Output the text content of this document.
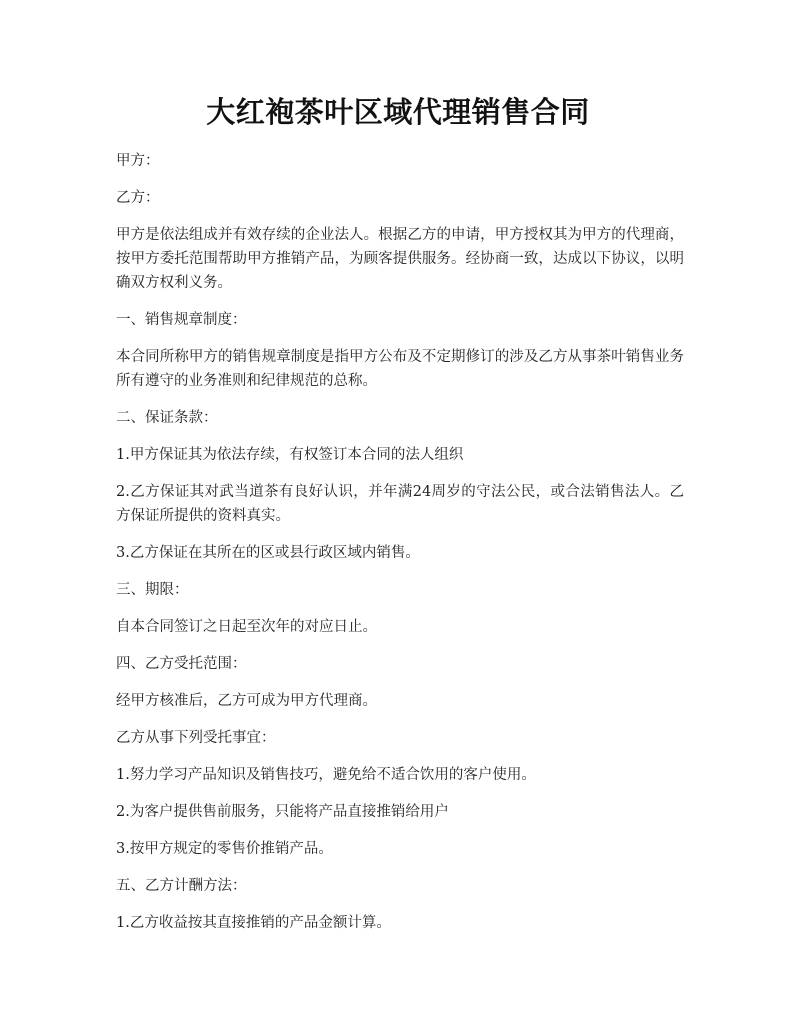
大红袍茶叶区域代理销售合同

甲方：

乙方：

甲方是依法组成并有效存续的企业法人。根据乙方的申请，甲方授权其为甲方的代理商，按甲方委托范围帮助甲方推销产品，为顾客提供服务。经协商一致，达成以下协议，以明确双方权利义务。

一、销售规章制度：

本合同所称甲方的销售规章制度是指甲方公布及不定期修订的涉及乙方从事茶叶销售业务所有遵守的业务准则和纪律规范的总称。

二、保证条款：

1.甲方保证其为依法存续，有权签订本合同的法人组织

2.乙方保证其对武当道茶有良好认识，并年满24周岁的守法公民，或合法销售法人。乙方保证所提供的资料真实。

3.乙方保证在其所在的区或县行政区域内销售。

三、期限：

自本合同签订之日起至次年的对应日止。

四、乙方受托范围：

经甲方核准后，乙方可成为甲方代理商。

乙方从事下列受托事宜：

1.努力学习产品知识及销售技巧，避免给不适合饮用的客户使用。

2.为客户提供售前服务，只能将产品直接推销给用户

3.按甲方规定的零售价推销产品。

五、乙方计酬方法：

1.乙方收益按其直接推销的产品金额计算。
